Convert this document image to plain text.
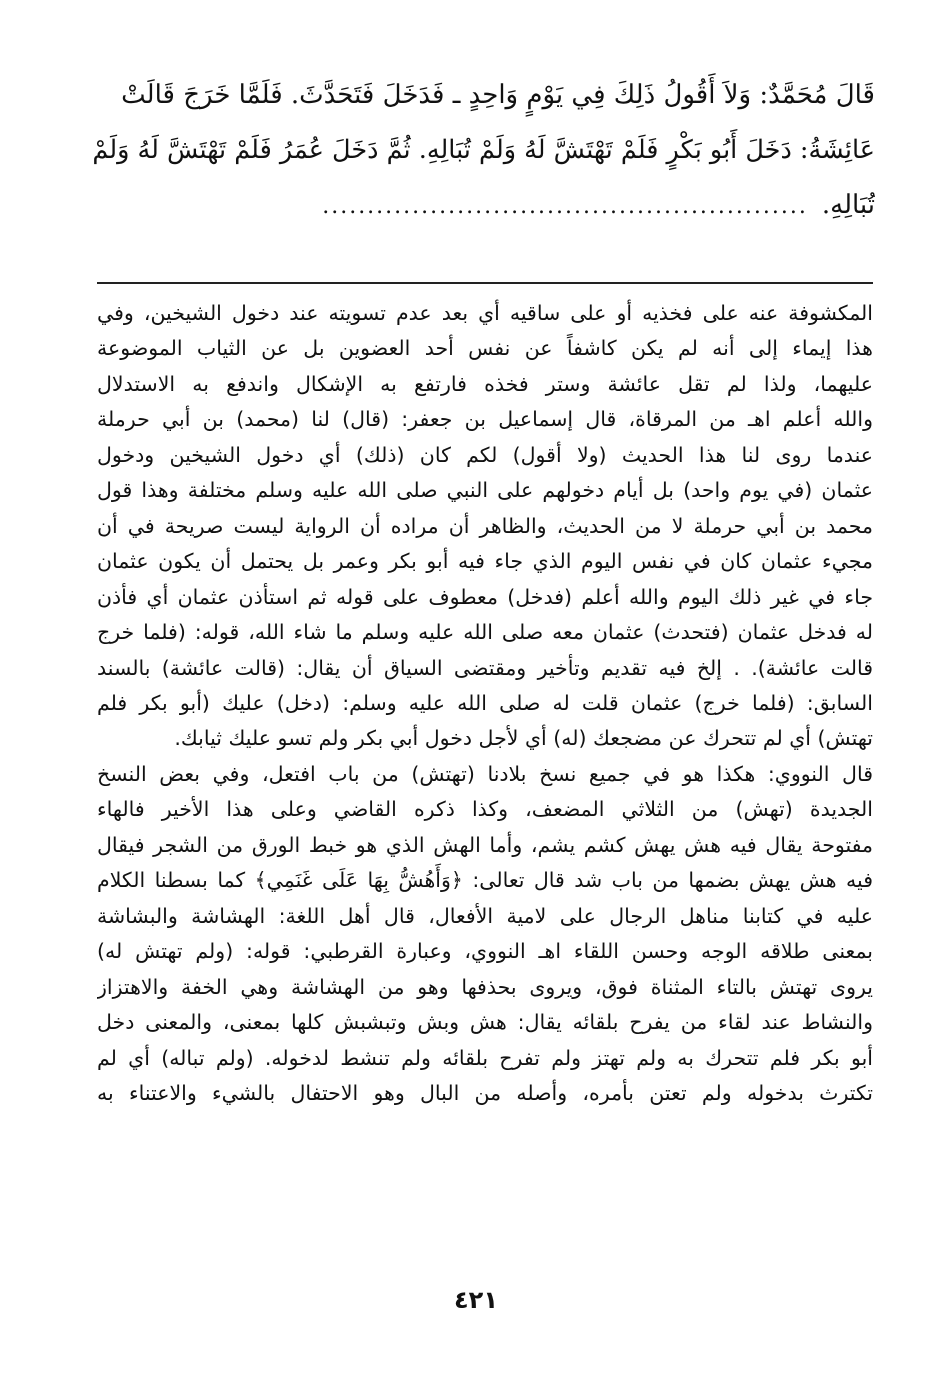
قَالَ مُحَمَّدٌ: وَلاَ أَقُولُ ذَلِكَ فِي يَوْمٍ وَاحِدٍ ـ فَدَخَلَ فَتَحَدَّثَ. فَلَمَّا خَرَجَ قَالَتْ

عَائِشَةُ: دَخَلَ أَبُو بَكْرٍ فَلَمْ تَهْتَشَّ لَهُ وَلَمْ تُبَالِهِ. ثُمَّ دَخَلَ عُمَرُ فَلَمْ تَهْتَشَّ لَهُ وَلَمْ

تُبَالِهِ.......................................................

المكشوفة عنه على فخذيه أو على ساقيه أي بعد عدم تسويته عند دخول الشيخين، وفي

هذا إيماء إلى أنه لم يكن كاشفاً عن نفس أحد العضوين بل عن الثياب الموضوعة

عليهما، ولذا لم تقل عائشة وستر فخذه فارتفع به الإشكال واندفع به الاستدلال

والله أعلم اهـ من المرقاة، قال إسماعيل بن جعفر: (قال) لنا (محمد) بن أبي حرملة

عندما روى لنا هذا الحديث (ولا أقول) لكم كان (ذلك) أي دخول الشيخين ودخول

عثمان (في يوم واحد) بل أيام دخولهم على النبي صلى الله عليه وسلم مختلفة وهذا قول

محمد بن أبي حرملة لا من الحديث، والظاهر أن مراده أن الرواية ليست صريحة في أن

مجيء عثمان كان في نفس اليوم الذي جاء فيه أبو بكر وعمر بل يحتمل أن يكون عثمان

جاء في غير ذلك اليوم والله أعلم (فدخل) معطوف على قوله ثم استأذن عثمان أي فأذن

له فدخل عثمان (فتحدث) عثمان معه صلى الله عليه وسلم ما شاء الله، قوله: (فلما خرج

قالت عائشة). . إلخ فيه تقديم وتأخير ومقتضى السياق أن يقال: (قالت عائشة) بالسند

السابق: (فلما خرج) عثمان قلت له صلى الله عليه وسلم: (دخل) عليك (أبو بكر فلم

تهتش) أي لم تتحرك عن مضجعك (له) أي لأجل دخول أبي بكر ولم تسو عليك ثيابك.

قال النووي: هكذا هو في جميع نسخ بلادنا (تهتش) من باب افتعل، وفي بعض النسخ

الجديدة (تهش) من الثلاثي المضعف، وكذا ذكره القاضي وعلى هذا الأخير فالهاء

مفتوحة يقال فيه هش يهش كشم يشم، وأما الهش الذي هو خبط الورق من الشجر فيقال

فيه هش يهش بضمها من باب شد قال تعالى: ﴿وَأَهُشُّ بِهَا عَلَى غَنَمِي﴾ كما بسطنا الكلام

عليه في كتابنا مناهل الرجال على لامية الأفعال، قال أهل اللغة: الهشاشة والبشاشة

بمعنى طلاقه الوجه وحسن اللقاء اهـ النووي، وعبارة القرطبي: قوله: (ولم تهتش له)

يروى تهتش بالتاء المثناة فوق، ويروى بحذفها وهو من الهشاشة وهي الخفة والاهتزاز

والنشاط عند لقاء من يفرح بلقائه يقال: هش وبش وتبشبش كلها بمعنى، والمعنى دخل

أبو بكر فلم تتحرك به ولم تهتز ولم تفرح بلقائه ولم تنشط لدخوله. (ولم تباله) أي لم

تكترث بدخوله ولم تعتن بأمره، وأصله من البال وهو الاحتفال بالشيء والاعتناء به

٤٢١
